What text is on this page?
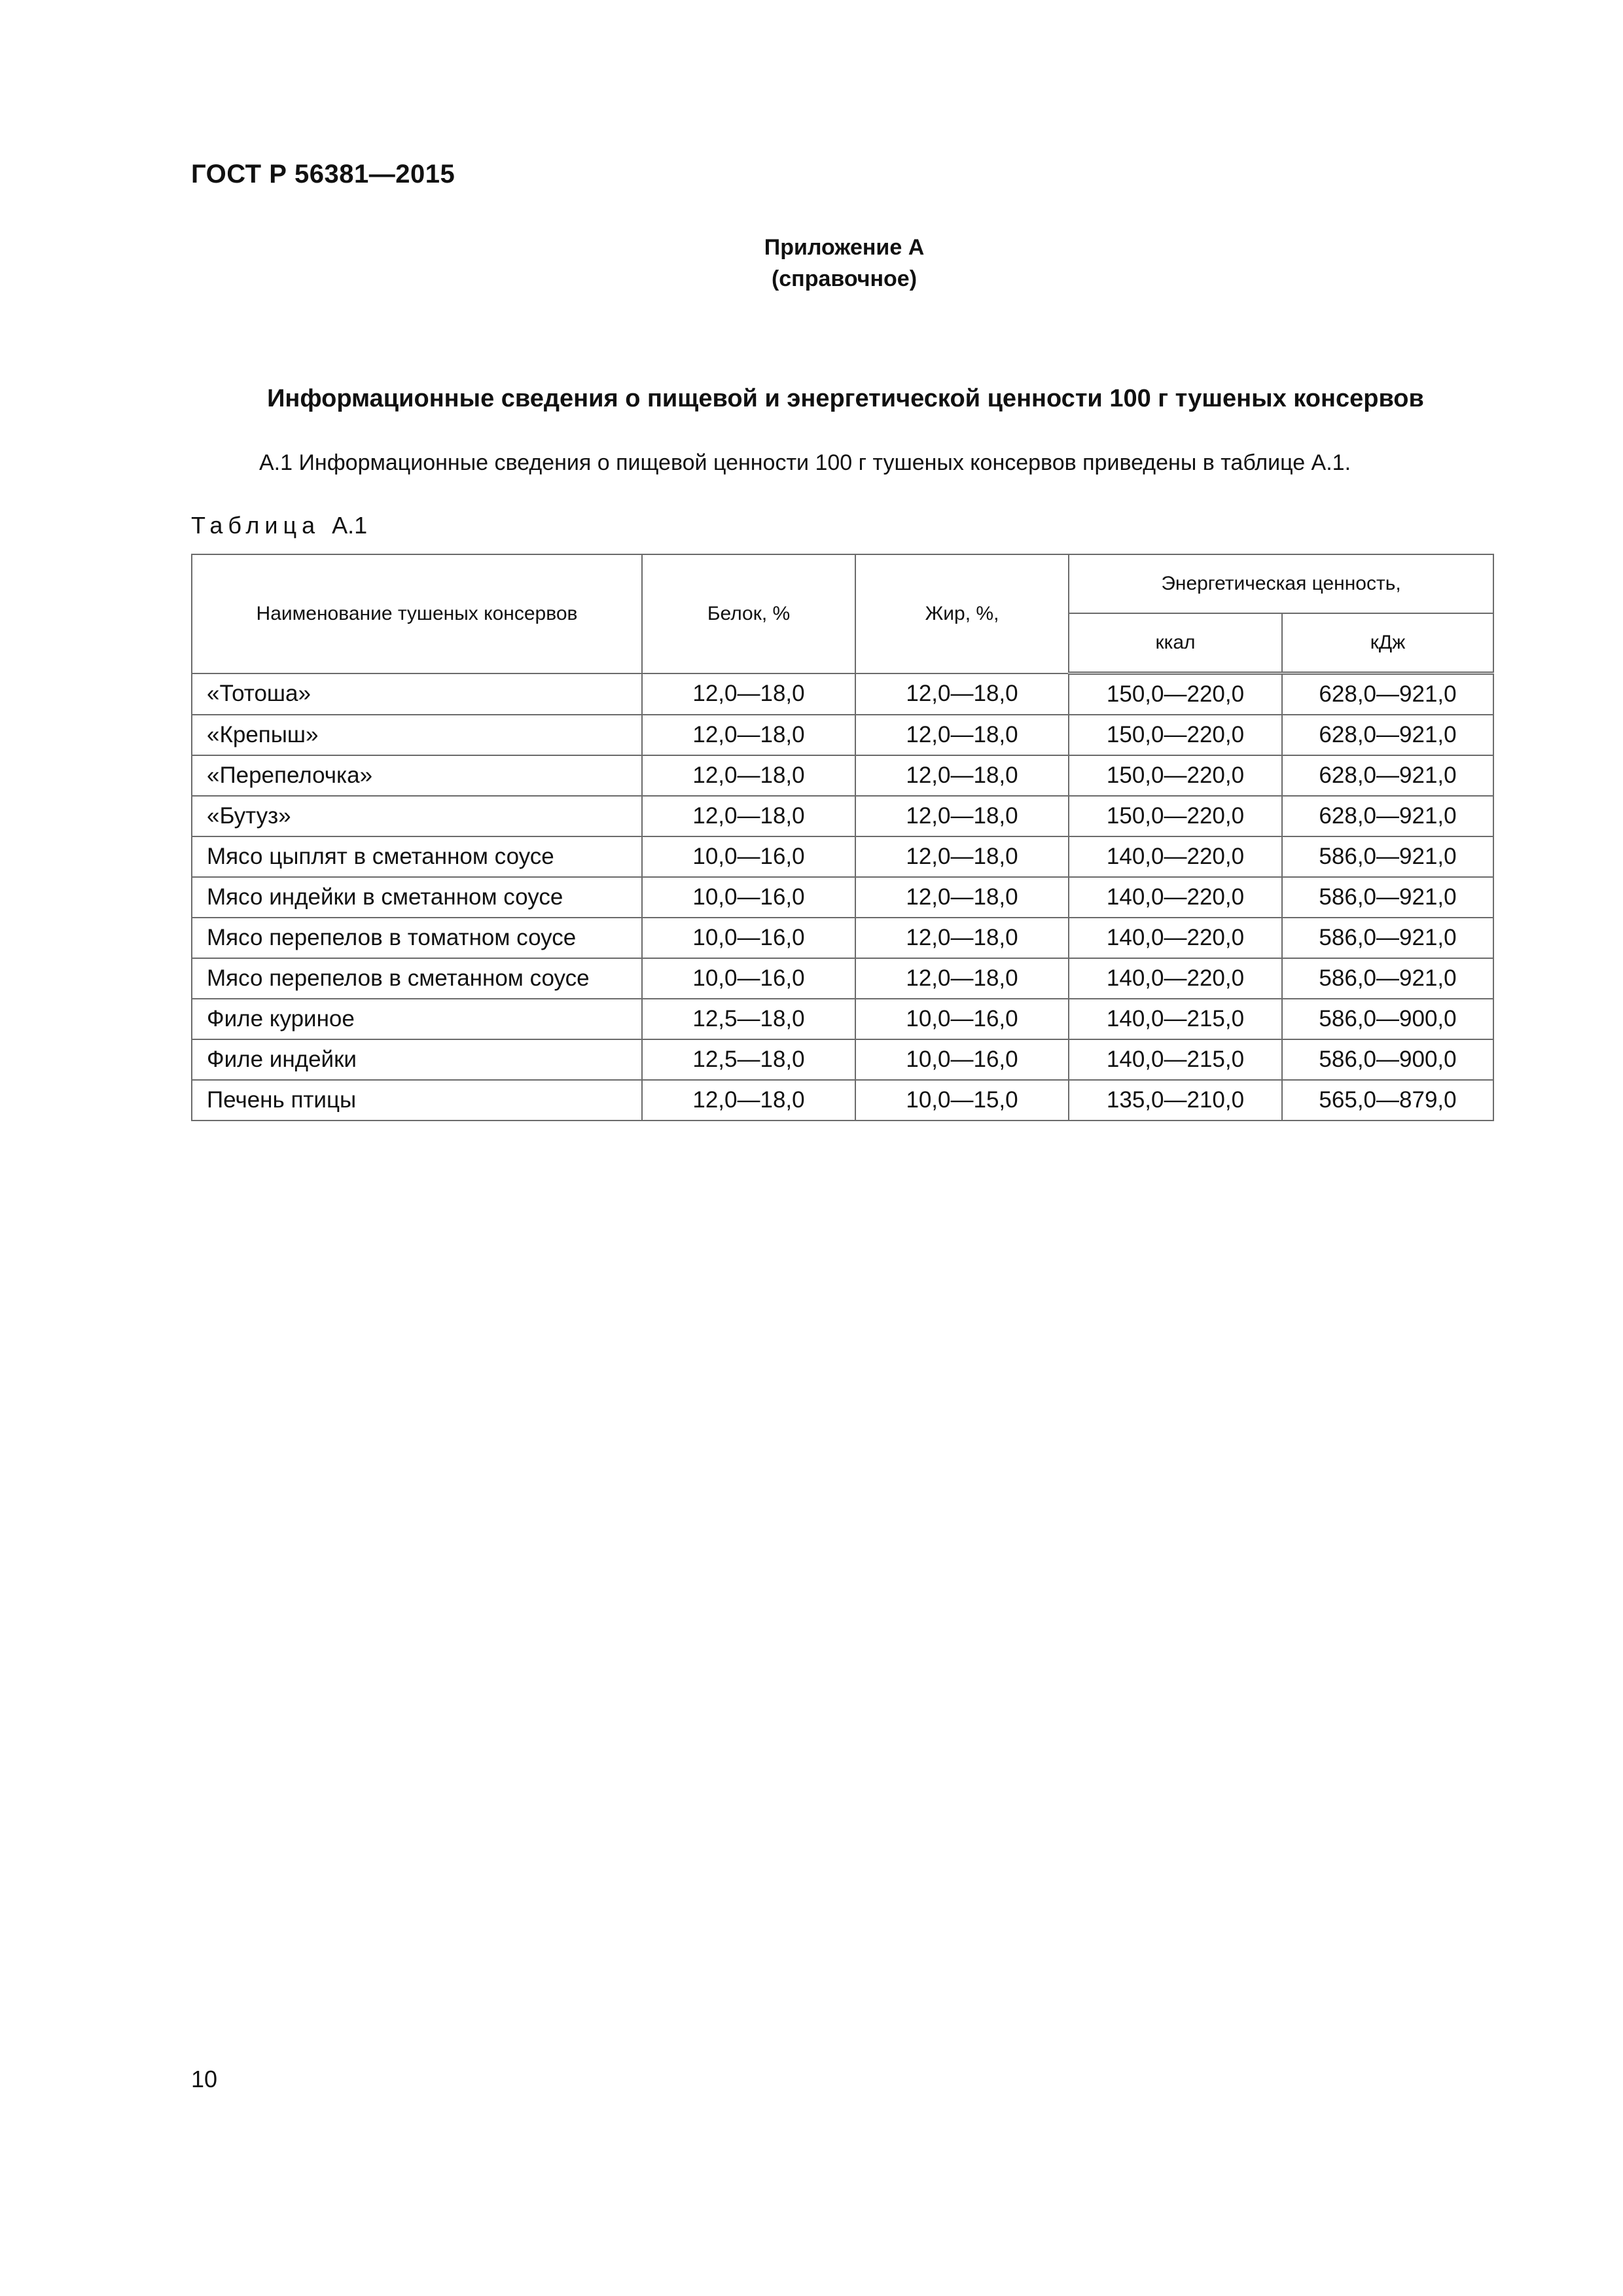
ГОСТ Р 56381—2015
Приложение А
(справочное)
Информационные сведения о пищевой и энергетической ценности 100 г тушеных консервов
А.1 Информационные сведения о пищевой ценности 100 г тушеных консервов приведены в таблице А.1.
Таблица А.1
Наименование тушеных консервов	Белок, %	Жир, %,	Энергетическая ценность,	
			ккал	кДж
«Тотоша»	12,0—18,0	12,0—18,0	150,0—220,0	628,0—921,0
«Крепыш»	12,0—18,0	12,0—18,0	150,0—220,0	628,0—921,0
«Перепелочка»	12,0—18,0	12,0—18,0	150,0—220,0	628,0—921,0
«Бутуз»	12,0—18,0	12,0—18,0	150,0—220,0	628,0—921,0
Мясо цыплят в сметанном соусе	10,0—16,0	12,0—18,0	140,0—220,0	586,0—921,0
Мясо индейки в сметанном соусе	10,0—16,0	12,0—18,0	140,0—220,0	586,0—921,0
Мясо перепелов в томатном соусе	10,0—16,0	12,0—18,0	140,0—220,0	586,0—921,0
Мясо перепелов в сметанном соусе	10,0—16,0	12,0—18,0	140,0—220,0	586,0—921,0
Филе куриное	12,5—18,0	10,0—16,0	140,0—215,0	586,0—900,0
Филе индейки	12,5—18,0	10,0—16,0	140,0—215,0	586,0—900,0
Печень птицы	12,0—18,0	10,0—15,0	135,0—210,0	565,0—879,0
10
